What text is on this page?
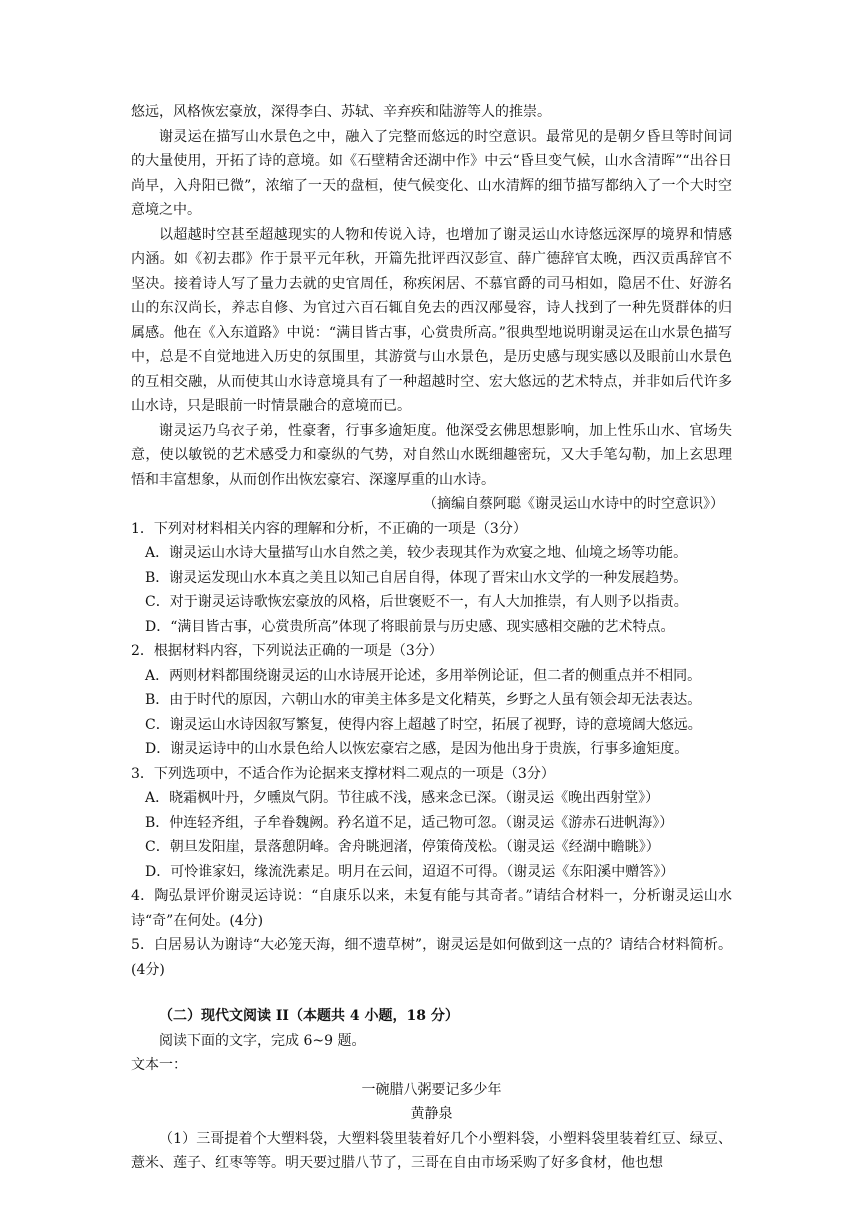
悠远，风格恢宏豪放，深得李白、苏轼、辛弃疾和陆游等人的推崇。

谢灵运在描写山水景色之中，融入了完整而悠远的时空意识。最常见的是朝夕昏旦等时间词的大量使用，开拓了诗的意境。如《石壁精舍还湖中作》中云“昏旦变气候，山水含清晖”“出谷日尚早，入舟阳已微”，浓缩了一天的盘桓，使气候变化、山水清辉的细节描写都纳入了一个大时空意境之中。

以超越时空甚至超越现实的人物和传说入诗，也增加了谢灵运山水诗悠远深厚的境界和情感内涵。如《初去郡》作于景平元年秋，开篇先批评西汉彭宣、薛广德辞官太晚，西汉贡禹辞官不坚决。接着诗人写了量力去就的史官周任，称疾闲居、不慕官爵的司马相如，隐居不仕、好游名山的东汉尚长，养志自修、为官过六百石辄自免去的西汉邴曼容，诗人找到了一种先贤群体的归属感。他在《入东道路》中说：“满目皆古事，心赏贵所高。”很典型地说明谢灵运在山水景色描写中，总是不自觉地进入历史的氛围里，其游赏与山水景色，是历史感与现实感以及眼前山水景色的互相交融，从而使其山水诗意境具有了一种超越时空、宏大悠远的艺术特点，并非如后代许多山水诗，只是眼前一时情景融合的意境而已。

谢灵运乃乌衣子弟，性豪奢，行事多逾矩度。他深受玄佛思想影响，加上性乐山水、官场失意，使以敏锐的艺术感受力和豪纵的气势，对自然山水既细趣密玩，又大手笔勾勒，加上玄思理悟和丰富想象，从而创作出恢宏豪宕、深邃厚重的山水诗。

（摘编自蔡阿聪《谢灵运山水诗中的时空意识》）

1．下列对材料相关内容的理解和分析，不正确的一项是（3分）

A．谢灵运山水诗大量描写山水自然之美，较少表现其作为欢宴之地、仙境之场等功能。

B．谢灵运发现山水本真之美且以知己自居自得，体现了晋宋山水文学的一种发展趋势。

C．对于谢灵运诗歌恢宏豪放的风格，后世褒贬不一，有人大加推崇，有人则予以指责。

D．“满目皆古事，心赏贵所高”体现了将眼前景与历史感、现实感相交融的艺术特点。

2．根据材料内容，下列说法正确的一项是（3分）

A．两则材料都围绕谢灵运的山水诗展开论述，多用举例论证，但二者的侧重点并不相同。

B．由于时代的原因，六朝山水的审美主体多是文化精英，乡野之人虽有领会却无法表达。

C．谢灵运山水诗因叙写繁复，使得内容上超越了时空，拓展了视野，诗的意境阔大悠远。

D．谢灵运诗中的山水景色给人以恢宏豪宕之感，是因为他出身于贵族，行事多逾矩度。

3．下列选项中，不适合作为论据来支撑材料二观点的一项是（3分）

A．晓霜枫叶丹，夕曛岚气阴。节往戚不浅，感来念已深。（谢灵运《晚出西射堂》）

B．仲连轻齐组，子牟眷魏阙。矜名道不足，适己物可忽。（谢灵运《游赤石进帆海》）

C．朝旦发阳崖，景落憩阴峰。舍舟眺迥渚，停策倚茂松。（谢灵运《经湖中瞻眺》）

D．可怜谁家妇，缘流洗素足。明月在云间，迢迢不可得。（谢灵运《东阳溪中赠答》）

4．陶弘景评价谢灵运诗说：“自康乐以来，未复有能与其奇者。”请结合材料一，分析谢灵运山水诗“奇”在何处。(4分)

5．白居易认为谢诗“大必笼天海，细不遗草树”，谢灵运是如何做到这一点的？请结合材料简析。(4分)

（二）现代文阅读 II（本题共 4 小题，18 分）

阅读下面的文字，完成 6~9 题。

文本一：

一碗腊八粥要记多少年

黄静泉

（1）三哥提着个大塑料袋，大塑料袋里装着好几个小塑料袋，小塑料袋里装着红豆、绿豆、薏米、莲子、红枣等等。明天要过腊八节了，三哥在自由市场采购了好多食材，他也想
